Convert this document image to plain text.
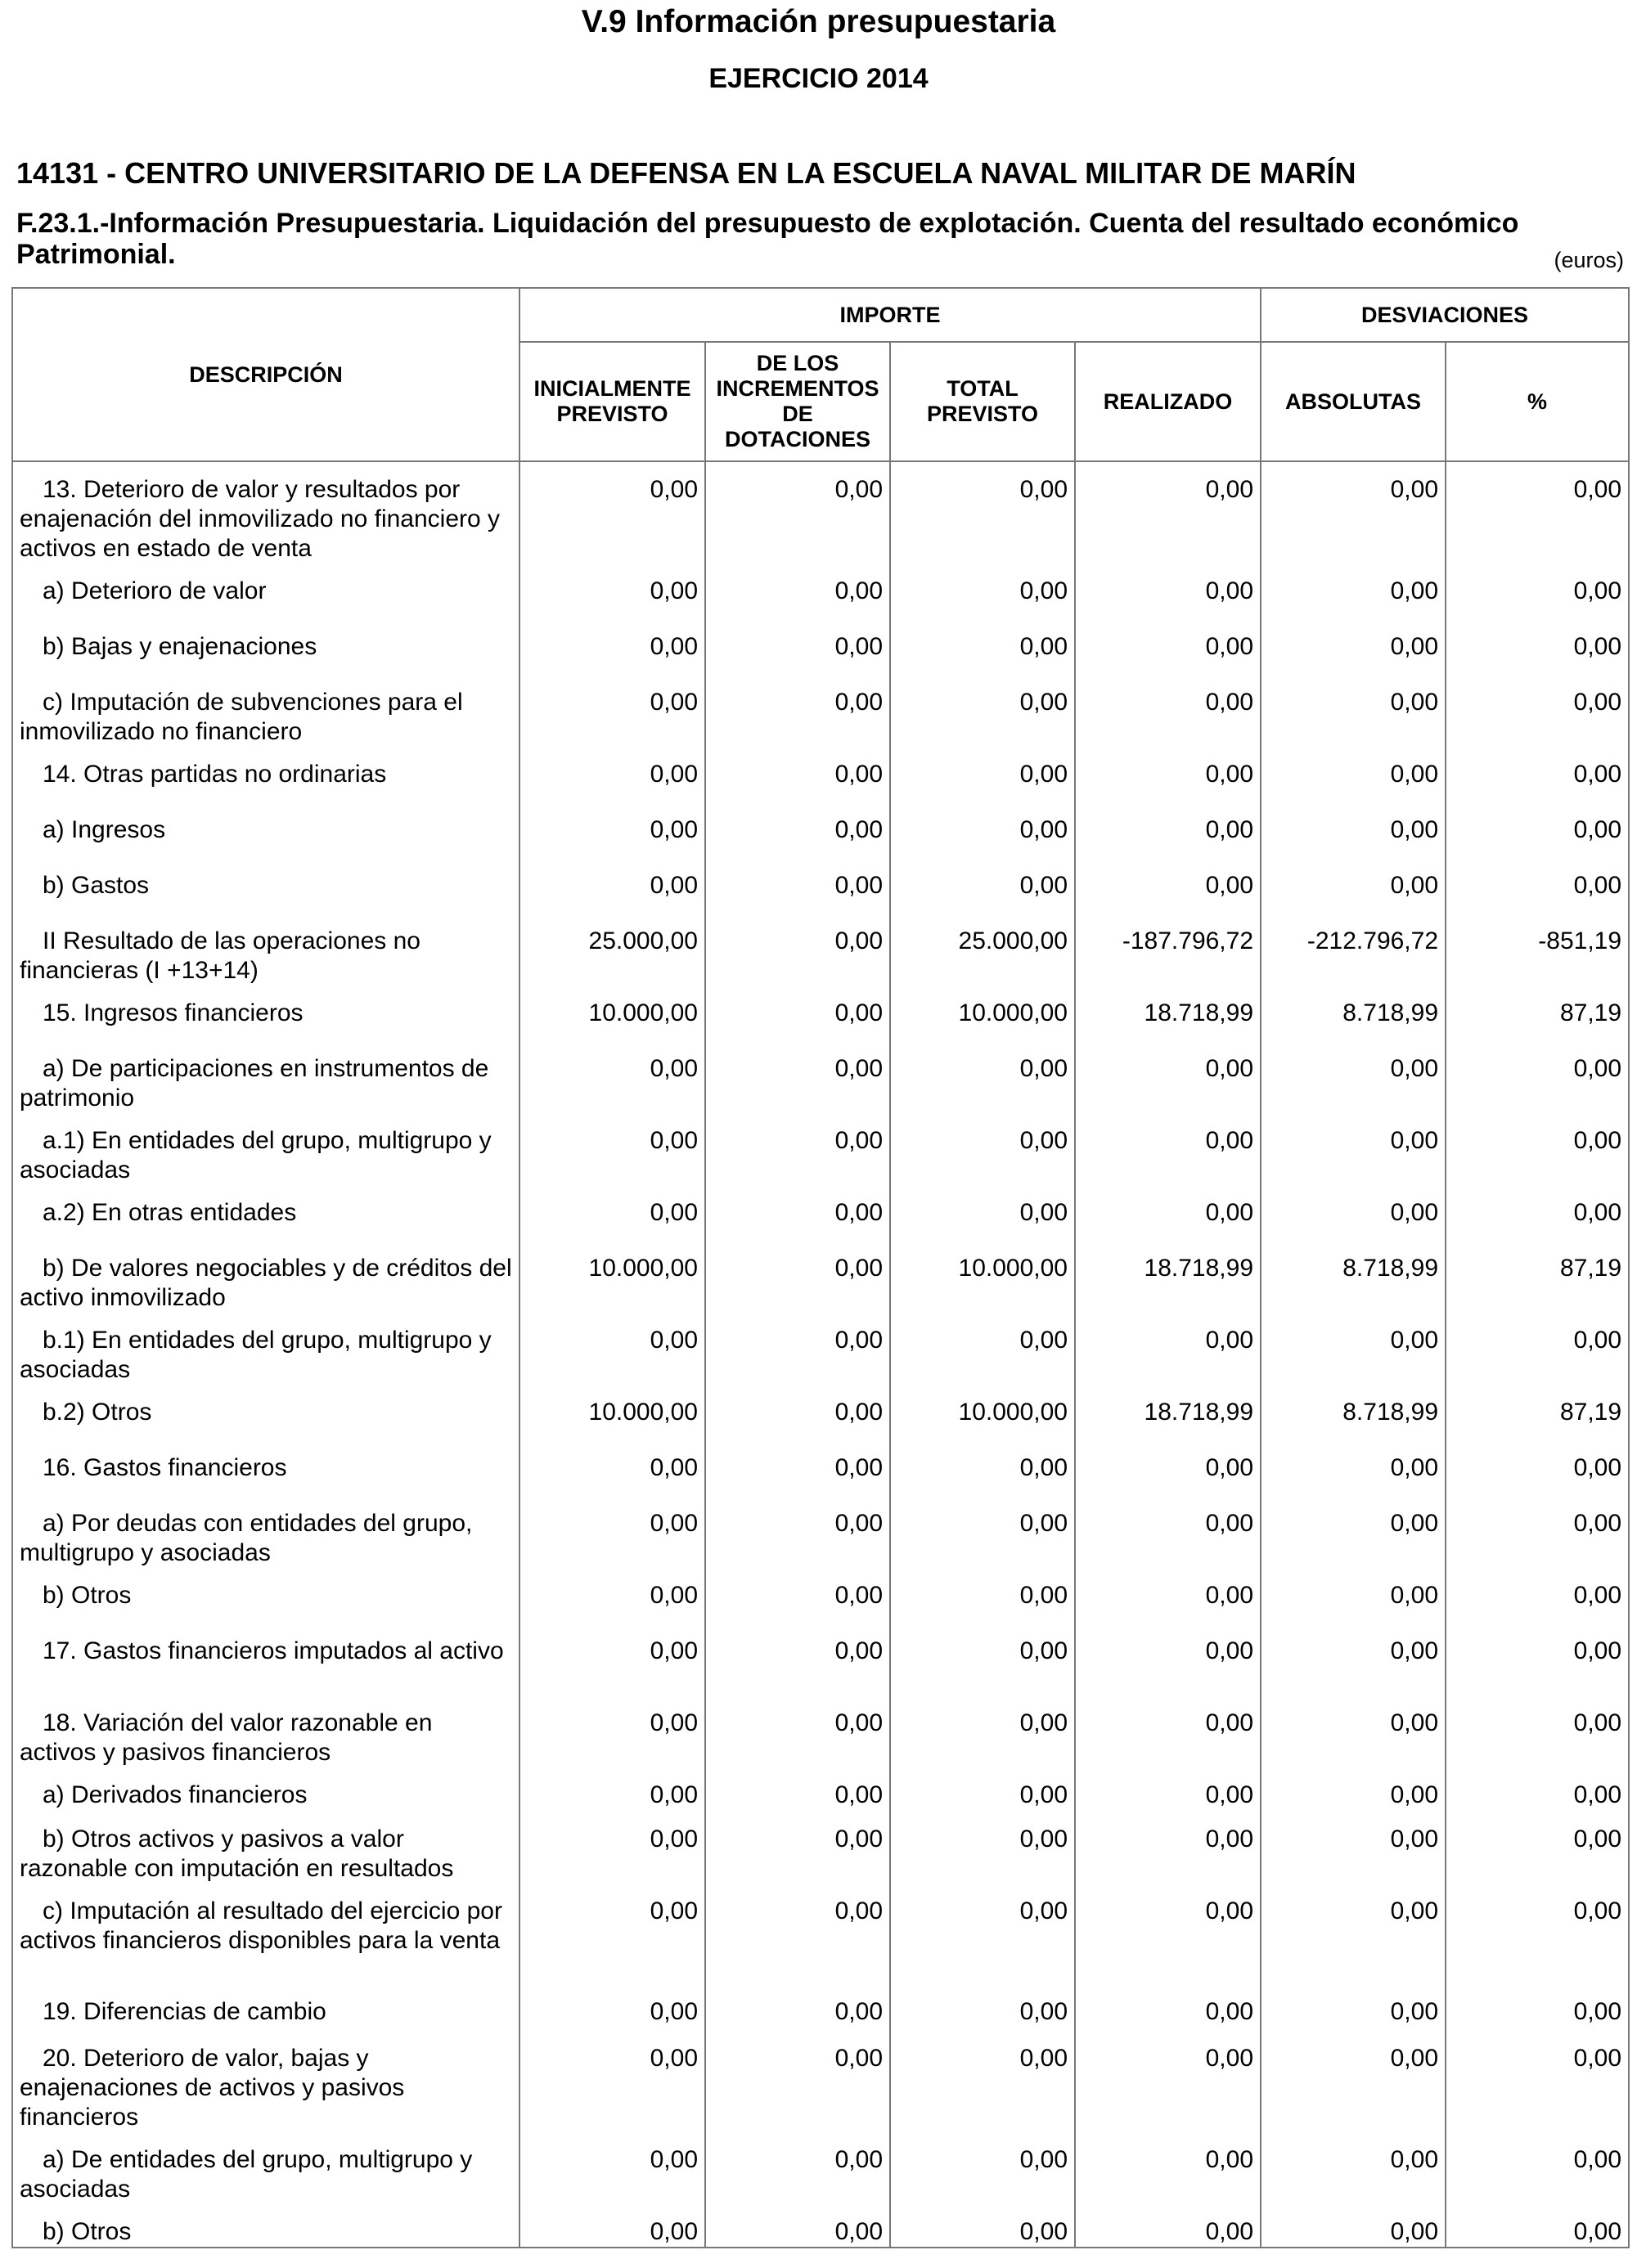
V.9 Información presupuestaria
EJERCICIO 2014
14131 - CENTRO UNIVERSITARIO DE LA DEFENSA EN LA ESCUELA NAVAL MILITAR DE MARÍN
F.23.1.-Información Presupuestaria. Liquidación del presupuesto de explotación. Cuenta del resultado económico Patrimonial.	(euros)
DESCRIPCIÓN	IMPORTE				DESVIACIONES	
	INICIALMENTE PREVISTO	DE LOS INCREMENTOS DE DOTACIONES	TOTAL PREVISTO	REALIZADO	ABSOLUTAS	%
13. Deterioro de valor y resultados por enajenación del inmovilizado no financiero y activos en estado de venta	0,00	0,00	0,00	0,00	0,00	0,00
a) Deterioro de valor	0,00	0,00	0,00	0,00	0,00	0,00
b) Bajas y enajenaciones	0,00	0,00	0,00	0,00	0,00	0,00
c) Imputación de subvenciones para el inmovilizado no financiero	0,00	0,00	0,00	0,00	0,00	0,00
14. Otras partidas no ordinarias	0,00	0,00	0,00	0,00	0,00	0,00
a) Ingresos	0,00	0,00	0,00	0,00	0,00	0,00
b) Gastos	0,00	0,00	0,00	0,00	0,00	0,00
II Resultado de las operaciones no financieras (I +13+14)	25.000,00	0,00	25.000,00	-187.796,72	-212.796,72	-851,19
15. Ingresos financieros	10.000,00	0,00	10.000,00	18.718,99	8.718,99	87,19
a) De participaciones en instrumentos de patrimonio	0,00	0,00	0,00	0,00	0,00	0,00
a.1) En entidades del grupo, multigrupo y asociadas	0,00	0,00	0,00	0,00	0,00	0,00
a.2) En otras entidades	0,00	0,00	0,00	0,00	0,00	0,00
b) De valores negociables y de créditos del activo inmovilizado	10.000,00	0,00	10.000,00	18.718,99	8.718,99	87,19
b.1) En entidades del grupo, multigrupo y asociadas	0,00	0,00	0,00	0,00	0,00	0,00
b.2) Otros	10.000,00	0,00	10.000,00	18.718,99	8.718,99	87,19
16. Gastos financieros	0,00	0,00	0,00	0,00	0,00	0,00
a) Por deudas con entidades del grupo, multigrupo y asociadas	0,00	0,00	0,00	0,00	0,00	0,00
b) Otros	0,00	0,00	0,00	0,00	0,00	0,00
17. Gastos financieros imputados al activo	0,00	0,00	0,00	0,00	0,00	0,00
18. Variación del valor razonable en activos y pasivos financieros	0,00	0,00	0,00	0,00	0,00	0,00
a) Derivados financieros	0,00	0,00	0,00	0,00	0,00	0,00
b) Otros activos y pasivos a valor razonable con imputación en resultados	0,00	0,00	0,00	0,00	0,00	0,00
c) Imputación al resultado del ejercicio por activos financieros disponibles para la venta	0,00	0,00	0,00	0,00	0,00	0,00
19. Diferencias de cambio	0,00	0,00	0,00	0,00	0,00	0,00
20. Deterioro de valor, bajas y enajenaciones de activos y pasivos financieros	0,00	0,00	0,00	0,00	0,00	0,00
a) De entidades del grupo, multigrupo y asociadas	0,00	0,00	0,00	0,00	0,00	0,00
b) Otros	0,00	0,00	0,00	0,00	0,00	0,00
